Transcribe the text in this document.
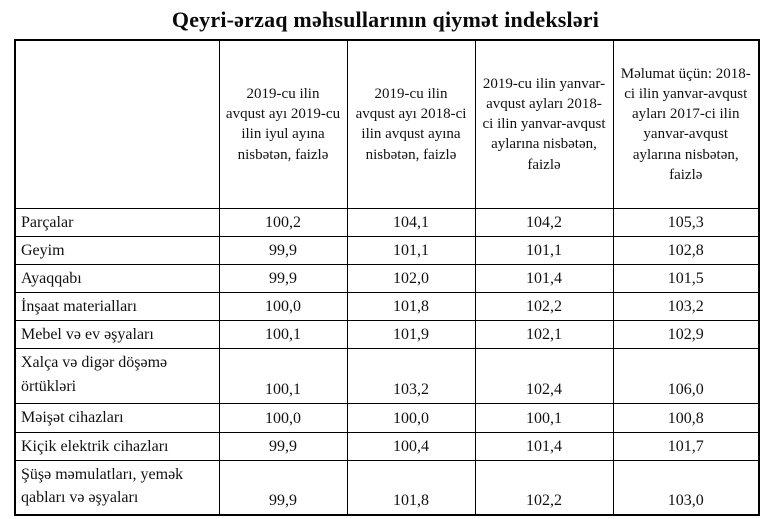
Qeyri-ərzaq məhsullarının qiymət indeksləri
	2019-cu ilin avqust ayı 2019-cu ilin iyul ayına nisbətən, faizlə	2019-cu ilin avqust ayı 2018-ci ilin avqust ayına nisbətən, faizlə	2019-cu ilin yanvar-avqust ayları 2018-ci ilin yanvar-avqust aylarına nisbətən, faizlə	Məlumat üçün: 2018-ci ilin yanvar-avqust ayları 2017-ci ilin yanvar-avqust aylarına nisbətən, faizlə
Parçalar	100,2	104,1	104,2	105,3
Geyim	99,9	101,1	101,1	102,8
Ayaqqabı	99,9	102,0	101,4	101,5
İnşaat materialları	100,0	101,8	102,2	103,2
Mebel və ev əşyaları	100,1	101,9	102,1	102,9
Xalça və digər döşəmə örtükləri	100,1	103,2	102,4	106,0
Məişət cihazları	100,0	100,0	100,1	100,8
Kiçik elektrik cihazları	99,9	100,4	101,4	101,7
Şüşə məmulatları, yemək qabları və əşyaları	99,9	101,8	102,2	103,0
